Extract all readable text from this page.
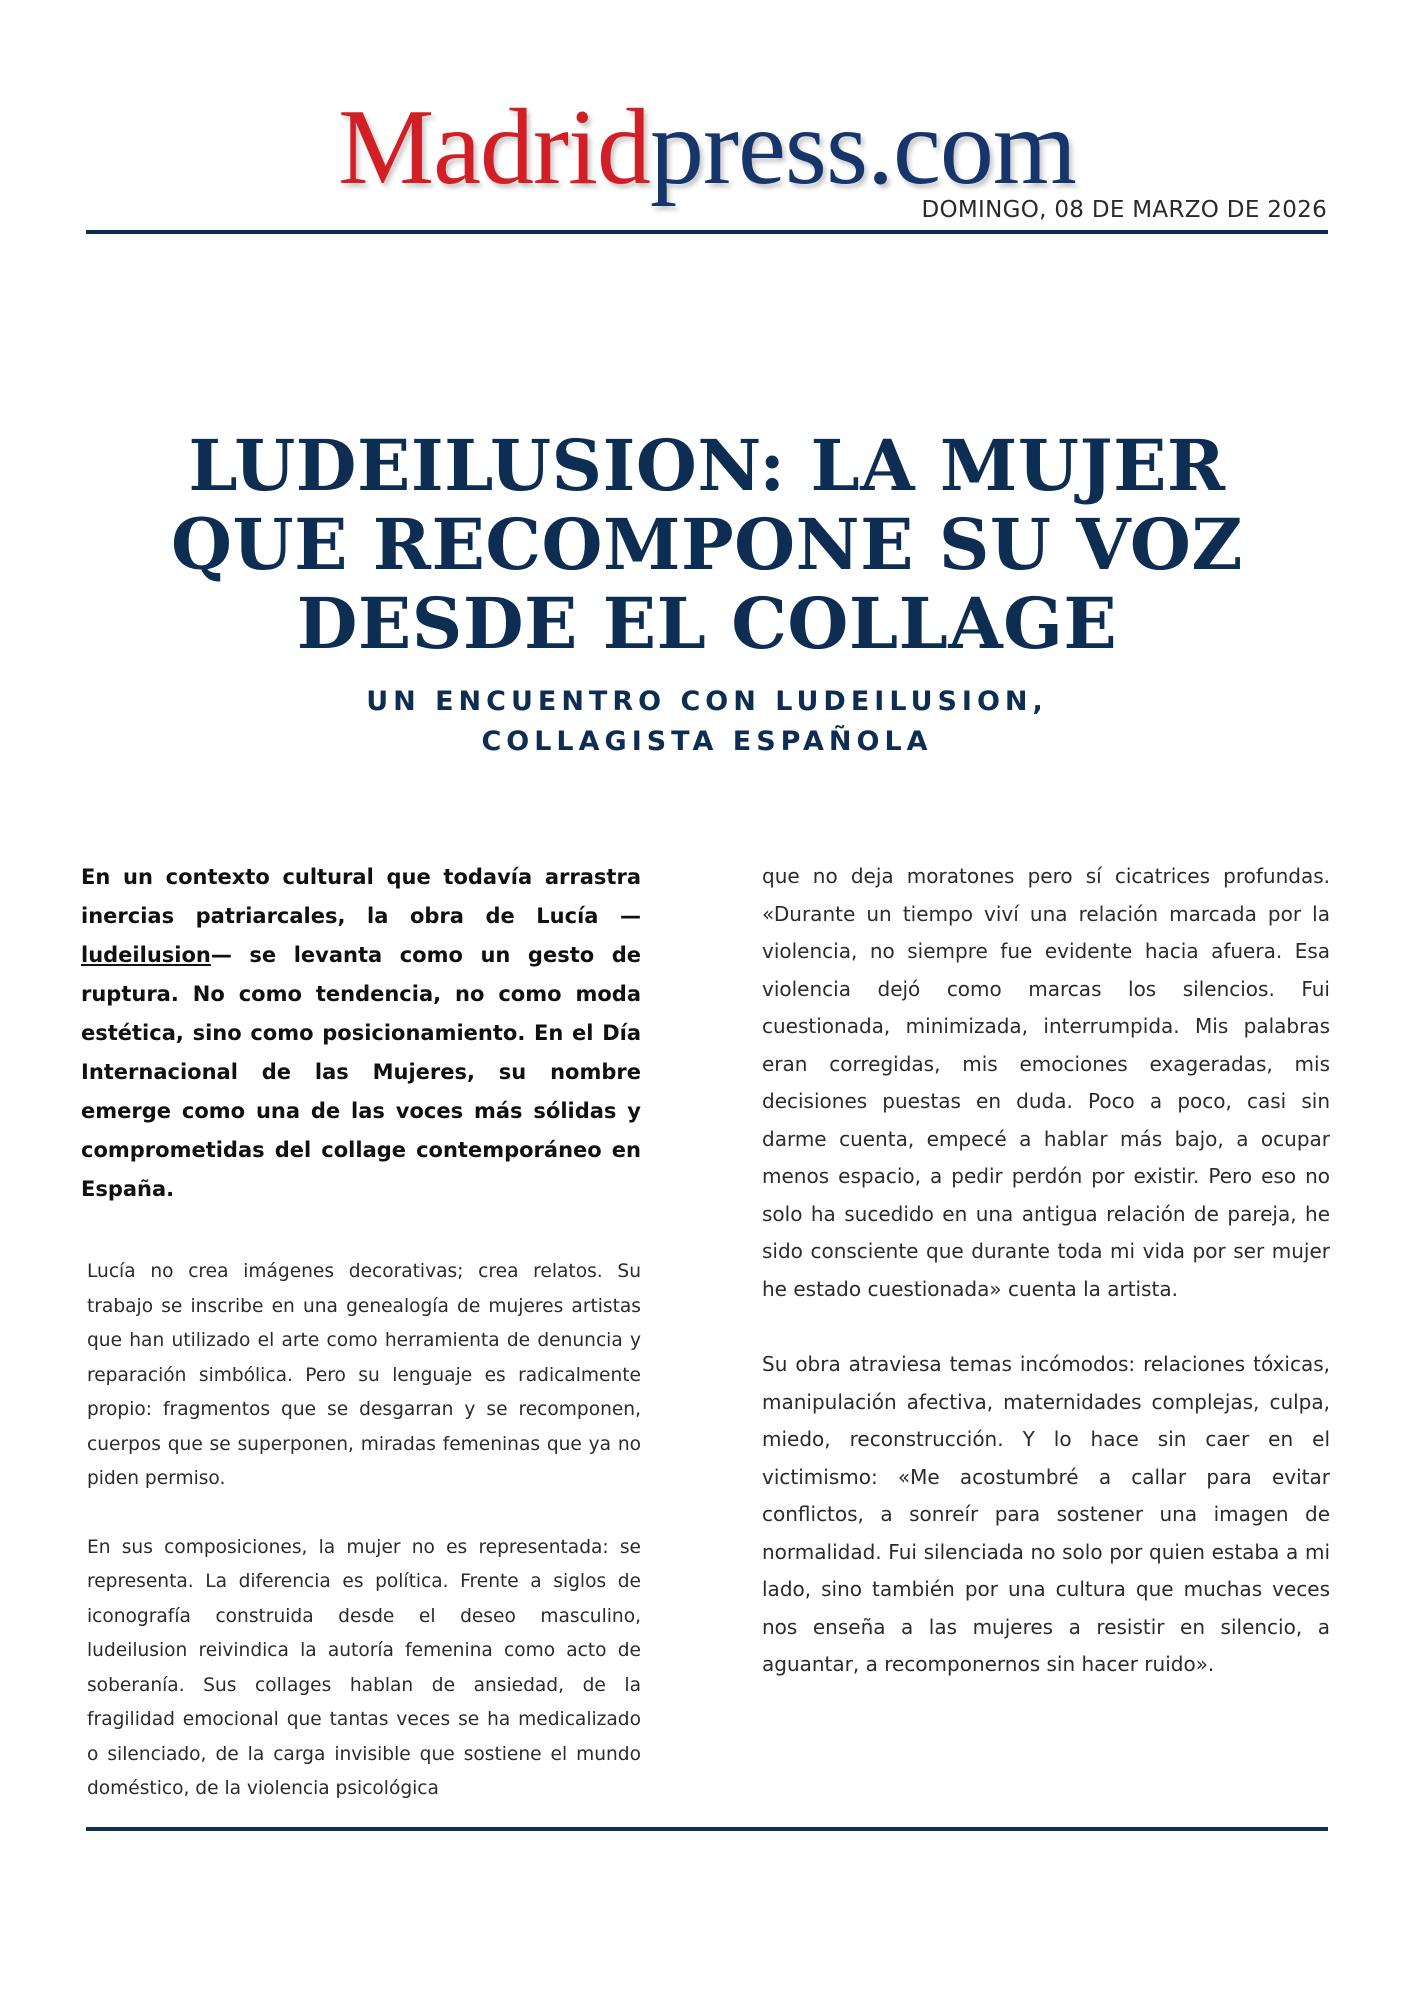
Madridpress.com
DOMINGO, 08 DE MARZO DE 2026
LUDEILUSION: LA MUJER
QUE RECOMPONE SU VOZ
DESDE EL COLLAGE
UN ENCUENTRO CON LUDEILUSION,
COLLAGISTA ESPAÑOLA

En un contexto cultural que todavía arrastra inercias patriarcales, la obra de Lucía — ludeilusion— se levanta como un gesto de ruptura. No como tendencia, no como moda estética, sino como posicionamiento. En el Día Internacional de las Mujeres, su nombre emerge como una de las voces más sólidas y comprometidas del collage contemporáneo en España.

Lucía no crea imágenes decorativas; crea relatos. Su trabajo se inscribe en una genealogía de mujeres artistas que han utilizado el arte como herramienta de denuncia y reparación simbólica. Pero su lenguaje es radicalmente propio: fragmentos que se desgarran y se recomponen, cuerpos que se superponen, miradas femeninas que ya no piden permiso.

En sus composiciones, la mujer no es representada: se representa. La diferencia es política. Frente a siglos de iconografía construida desde el deseo masculino, ludeilusion reivindica la autoría femenina como acto de soberanía. Sus collages hablan de ansiedad, de la fragilidad emocional que tantas veces se ha medicalizado o silenciado, de la carga invisible que sostiene el mundo doméstico, de la violencia psicológica

que no deja moratones pero sí cicatrices profundas. «Durante un tiempo viví una relación marcada por la violencia, no siempre fue evidente hacia afuera. Esa violencia dejó como marcas los silencios. Fui cuestionada, minimizada, interrumpida. Mis palabras eran corregidas, mis emociones exageradas, mis decisiones puestas en duda. Poco a poco, casi sin darme cuenta, empecé a hablar más bajo, a ocupar menos espacio, a pedir perdón por existir. Pero eso no solo ha sucedido en una antigua relación de pareja, he sido consciente que durante toda mi vida por ser mujer he estado cuestionada» cuenta la artista.

Su obra atraviesa temas incómodos: relaciones tóxicas, manipulación afectiva, maternidades complejas, culpa, miedo, reconstrucción. Y lo hace sin caer en el victimismo: «Me acostumbré a callar para evitar conflictos, a sonreír para sostener una imagen de normalidad. Fui silenciada no solo por quien estaba a mi lado, sino también por una cultura que muchas veces nos enseña a las mujeres a resistir en silencio, a aguantar, a recomponernos sin hacer ruido».
